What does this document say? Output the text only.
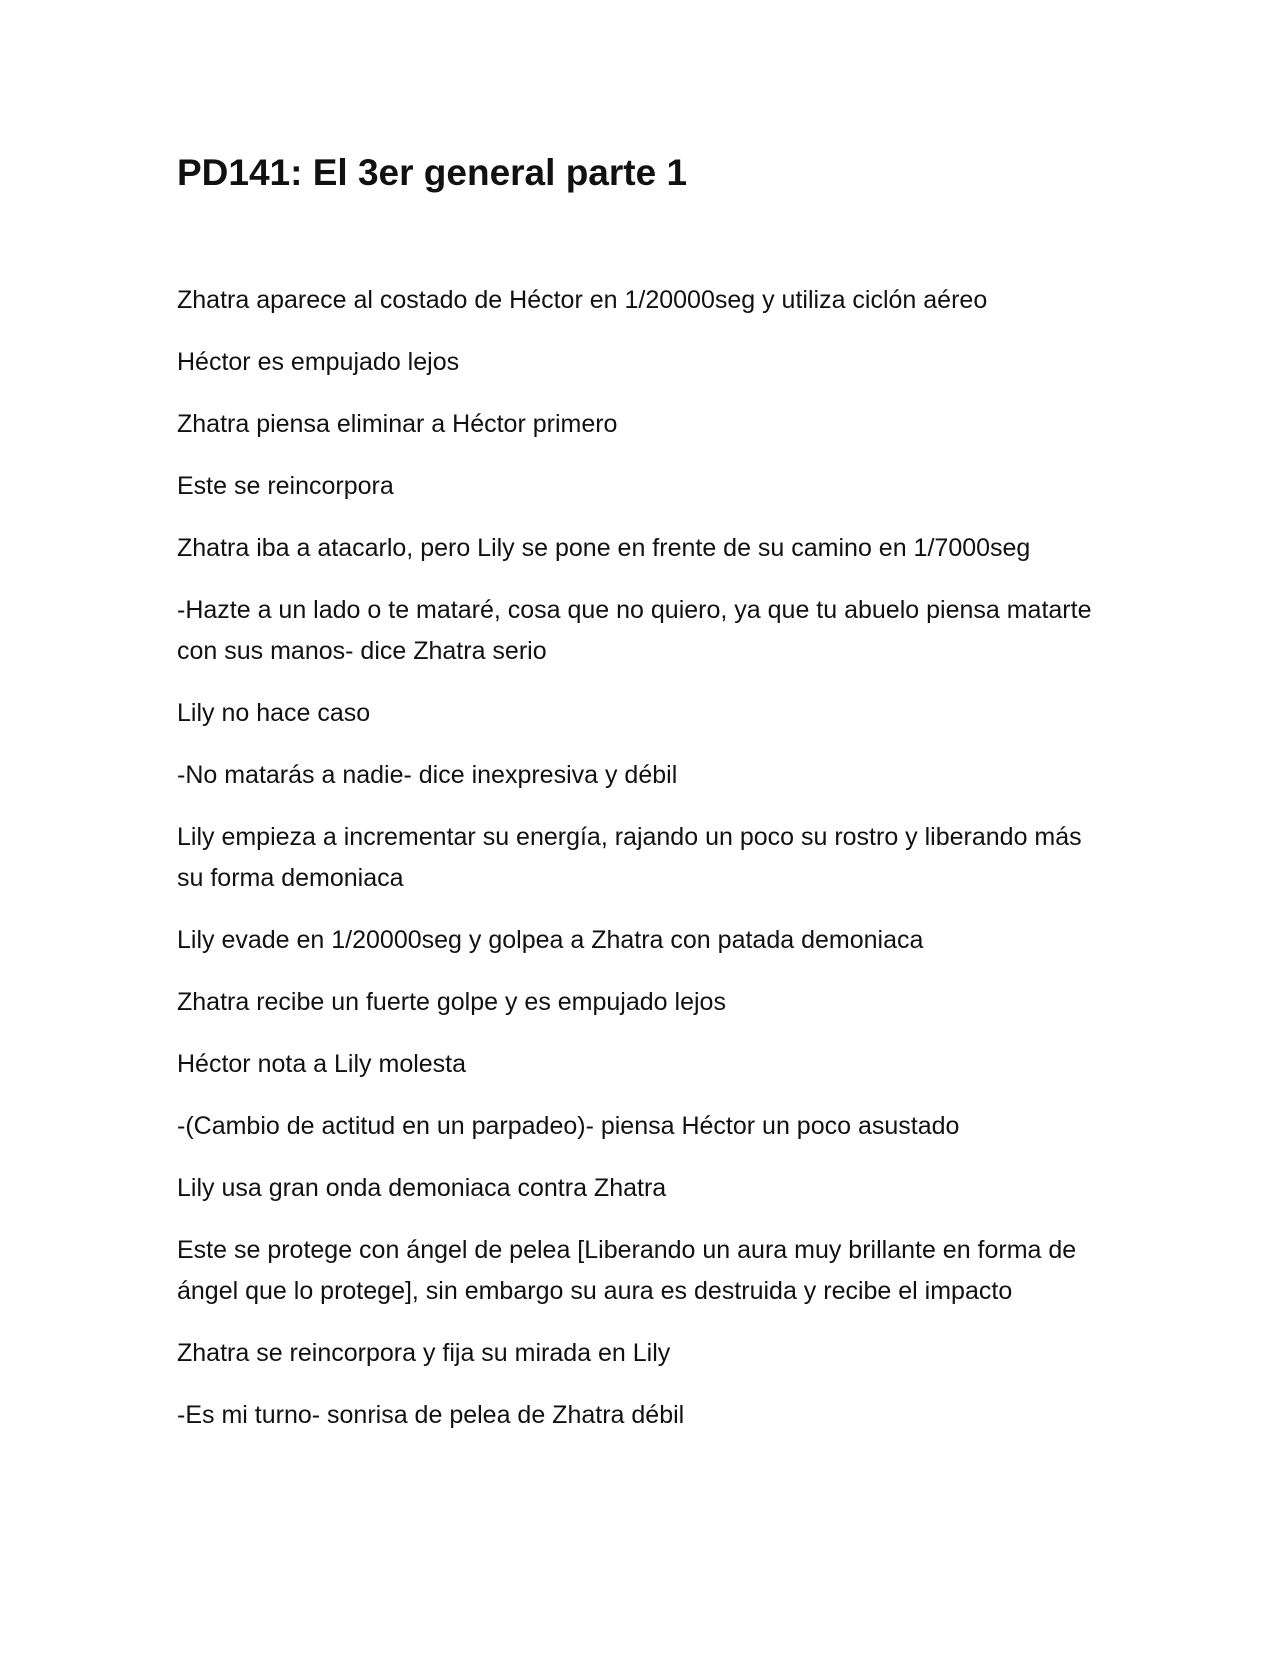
PD141: El 3er general parte 1

Zhatra aparece al costado de Héctor en 1/20000seg y utiliza ciclón aéreo

Héctor es empujado lejos

Zhatra piensa eliminar a Héctor primero

Este se reincorpora

Zhatra iba a atacarlo, pero Lily se pone en frente de su camino en 1/7000seg

-Hazte a un lado o te mataré, cosa que no quiero, ya que tu abuelo piensa matarte con sus manos- dice Zhatra serio

Lily no hace caso

-No matarás a nadie- dice inexpresiva y débil

Lily empieza a incrementar su energía, rajando un poco su rostro y liberando más su forma demoniaca

Lily evade en 1/20000seg y golpea a Zhatra con patada demoniaca

Zhatra recibe un fuerte golpe y es empujado lejos

Héctor nota a Lily molesta

-(Cambio de actitud en un parpadeo)- piensa Héctor un poco asustado

Lily usa gran onda demoniaca contra Zhatra

Este se protege con ángel de pelea [Liberando un aura muy brillante en forma de ángel que lo protege], sin embargo su aura es destruida y recibe el impacto

Zhatra se reincorpora y fija su mirada en Lily

-Es mi turno- sonrisa de pelea de Zhatra débil
